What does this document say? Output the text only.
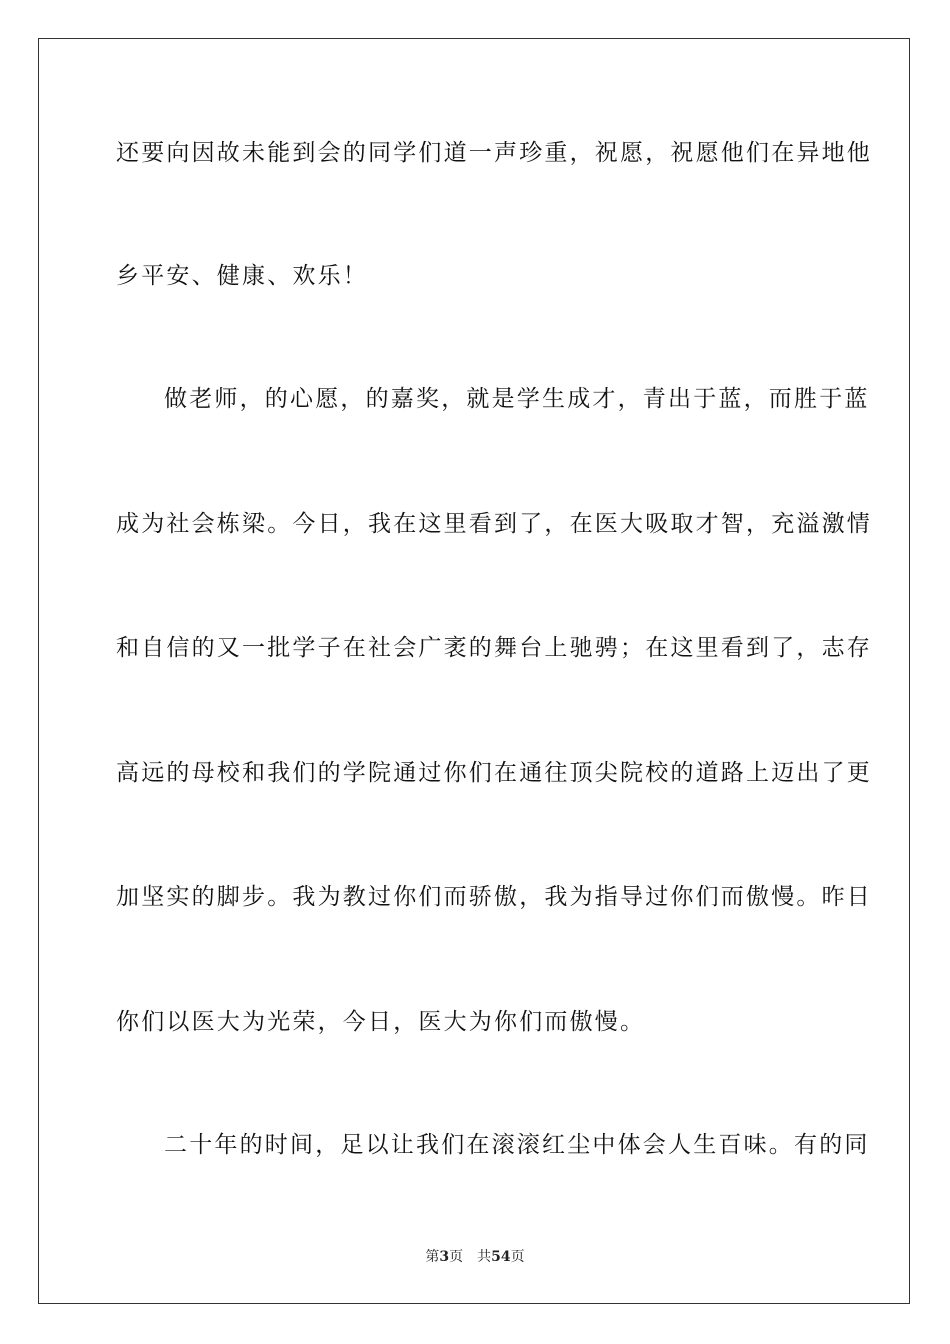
还要向因故未能到会的同学们道一声珍重，祝愿，祝愿他们在异地他
乡平安、健康、欢乐！
做老师，的心愿，的嘉奖，就是学生成才，青出于蓝，而胜于蓝
成为社会栋梁。今日，我在这里看到了，在医大吸取才智，充溢激情
和自信的又一批学子在社会广袤的舞台上驰骋；在这里看到了，志存
高远的母校和我们的学院通过你们在通往顶尖院校的道路上迈出了更
加坚实的脚步。我为教过你们而骄傲，我为指导过你们而傲慢。昨日
你们以医大为光荣，今日，医大为你们而傲慢。
二十年的时间，足以让我们在滚滚红尘中体会人生百味。有的同
第3页 共54页
